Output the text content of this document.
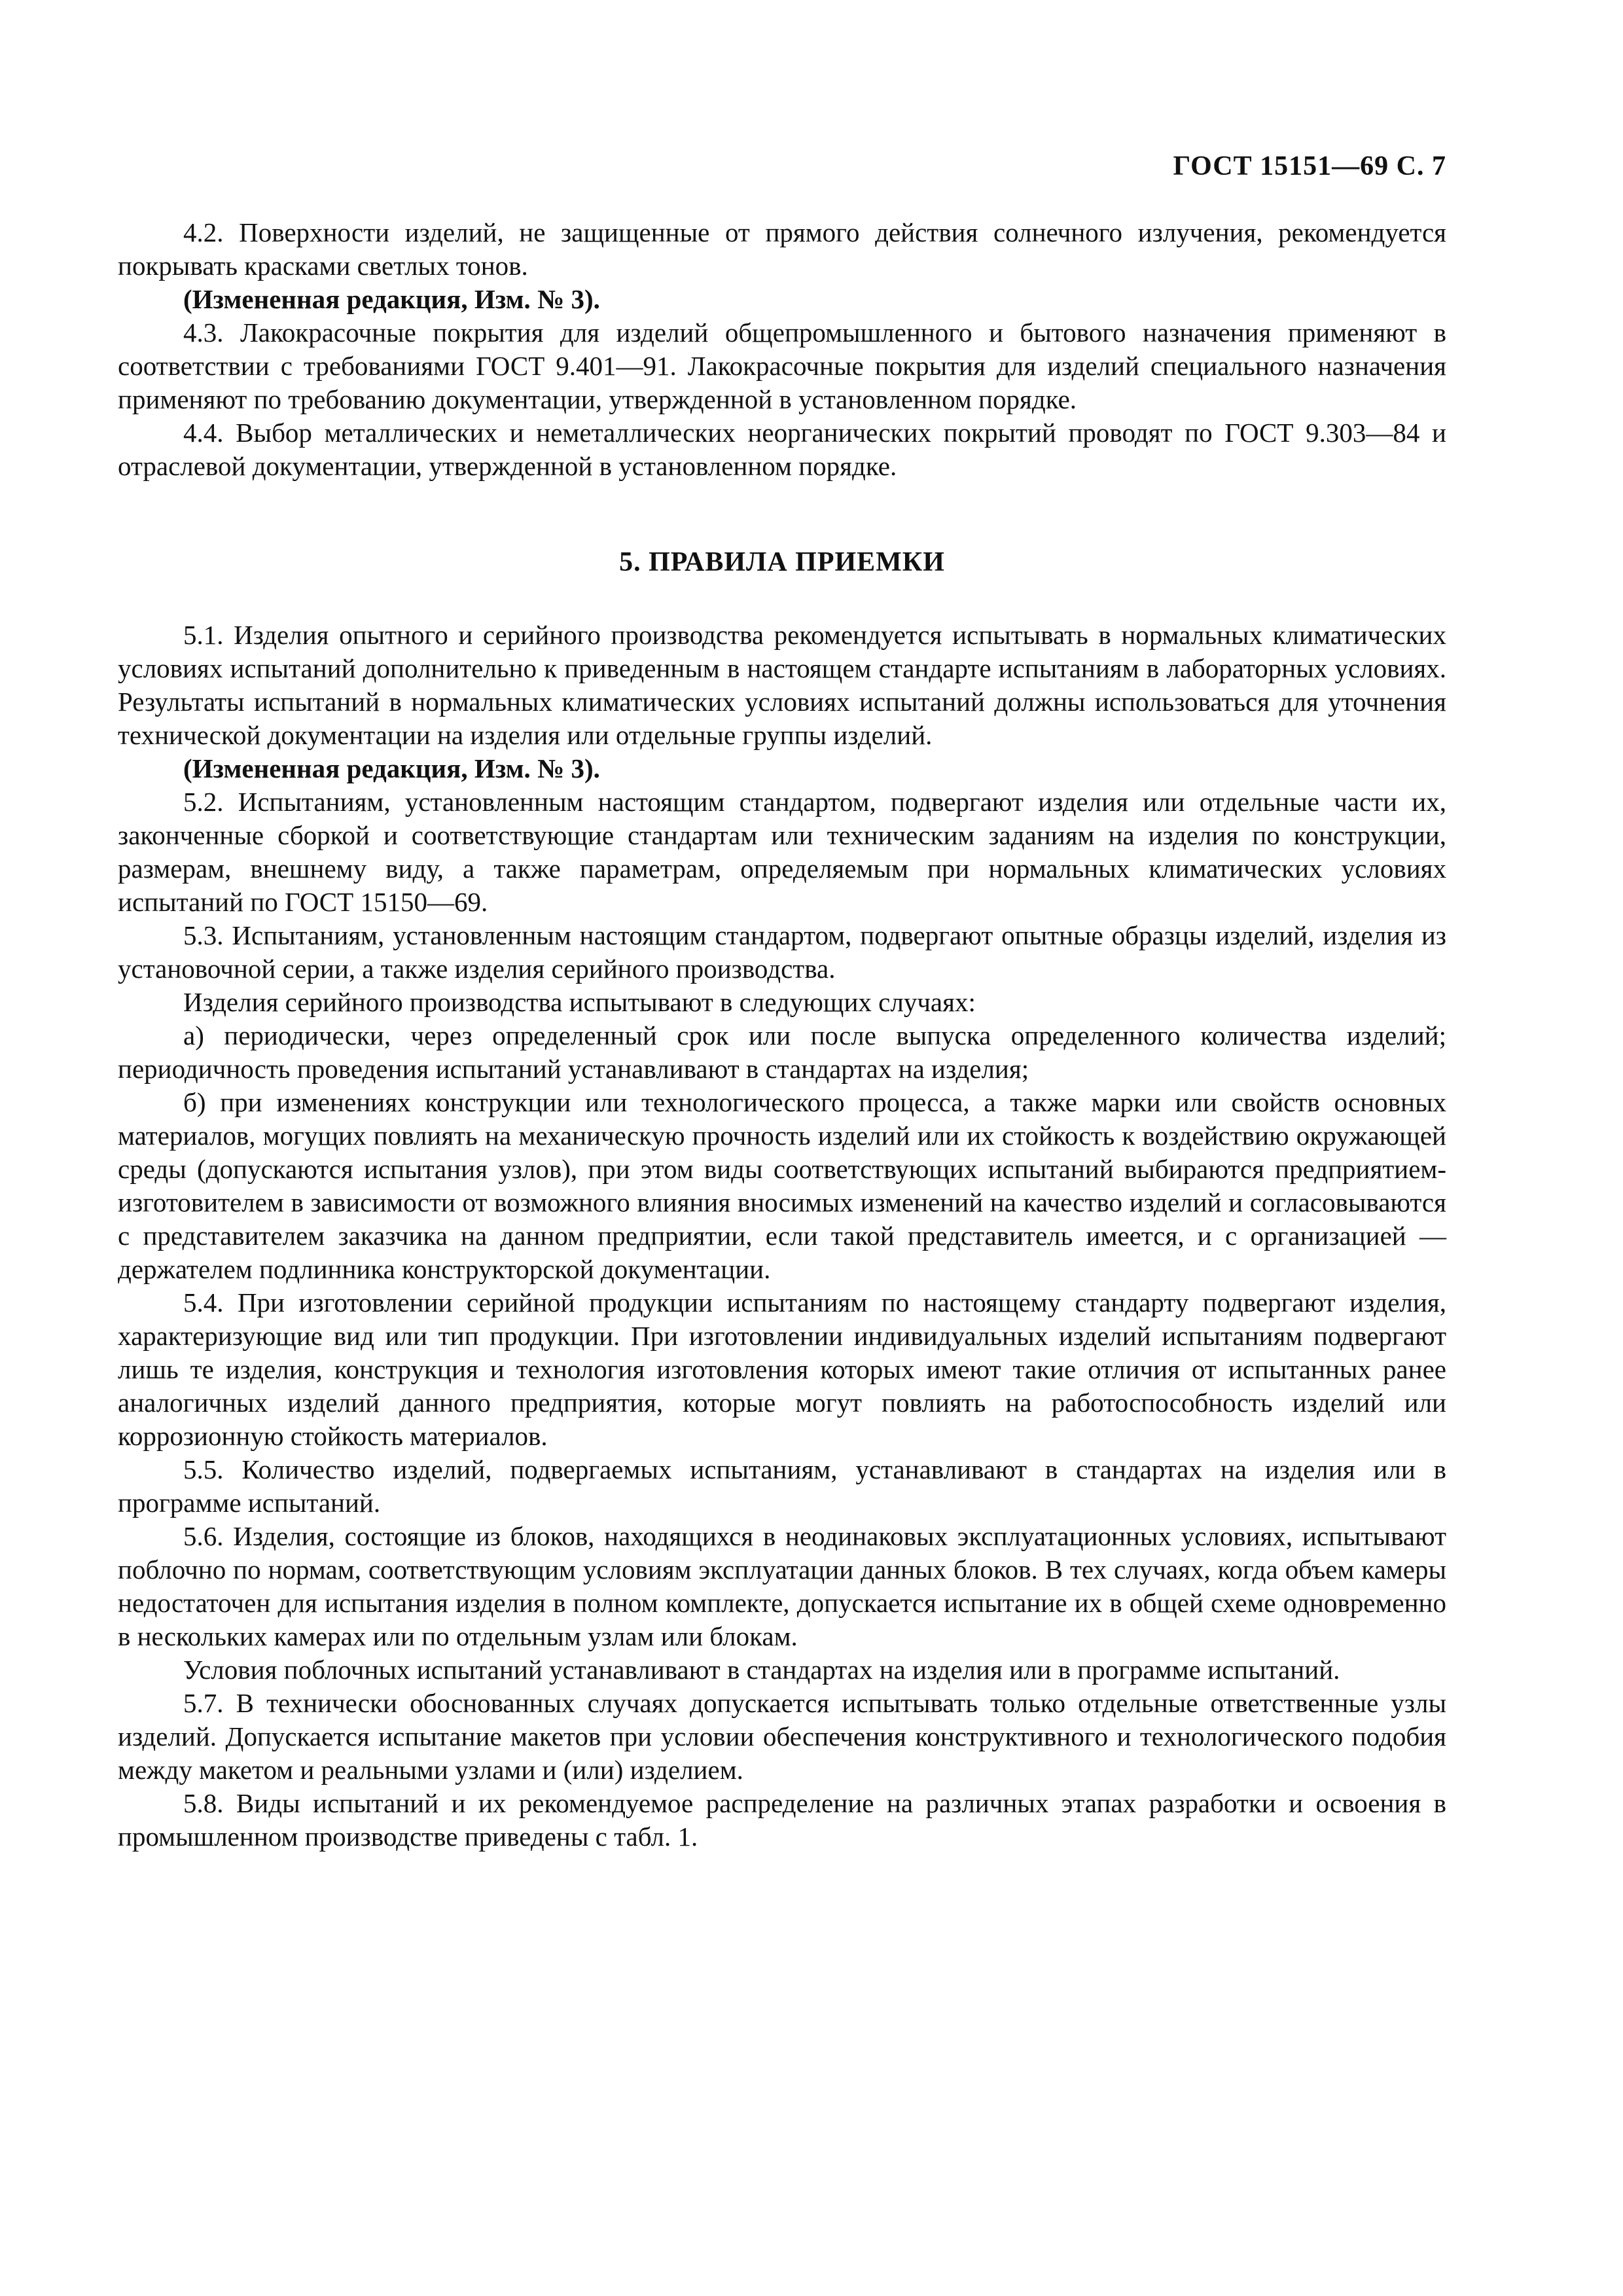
ГОСТ 15151—69 С. 7

4.2. Поверхности изделий, не защищенные от прямого действия солнечного излучения, рекомендуется покрывать красками светлых тонов.

(Измененная редакция, Изм. № 3).

4.3. Лакокрасочные покрытия для изделий общепромышленного и бытового назначения применяют в соответствии с требованиями ГОСТ 9.401—91. Лакокрасочные покрытия для изделий специального назначения применяют по требованию документации, утвержденной в установленном порядке.

4.4. Выбор металлических и неметаллических неорганических покрытий проводят по ГОСТ 9.303—84 и отраслевой документации, утвержденной в установленном порядке.

5. ПРАВИЛА ПРИЕМКИ

5.1. Изделия опытного и серийного производства рекомендуется испытывать в нормальных климатических условиях испытаний дополнительно к приведенным в настоящем стандарте испытаниям в лабораторных условиях. Результаты испытаний в нормальных климатических условиях испытаний должны использоваться для уточнения технической документации на изделия или отдельные группы изделий.

(Измененная редакция, Изм. № 3).

5.2. Испытаниям, установленным настоящим стандартом, подвергают изделия или отдельные части их, законченные сборкой и соответствующие стандартам или техническим заданиям на изделия по конструкции, размерам, внешнему виду, а также параметрам, определяемым при нормальных климатических условиях испытаний по ГОСТ 15150—69.

5.3. Испытаниям, установленным настоящим стандартом, подвергают опытные образцы изделий, изделия из установочной серии, а также изделия серийного производства.

Изделия серийного производства испытывают в следующих случаях:

а) периодически, через определенный срок или после выпуска определенного количества изделий; периодичность проведения испытаний устанавливают в стандартах на изделия;

б) при изменениях конструкции или технологического процесса, а также марки или свойств основных материалов, могущих повлиять на механическую прочность изделий или их стойкость к воздействию окружающей среды (допускаются испытания узлов), при этом виды соответствующих испытаний выбираются предприятием-изготовителем в зависимости от возможного влияния вносимых изменений на качество изделий и согласовываются с представителем заказчика на данном предприятии, если такой представитель имеется, и с организацией — держателем подлинника конструкторской документации.

5.4. При изготовлении серийной продукции испытаниям по настоящему стандарту подвергают изделия, характеризующие вид или тип продукции. При изготовлении индивидуальных изделий испытаниям подвергают лишь те изделия, конструкция и технология изготовления которых имеют такие отличия от испытанных ранее аналогичных изделий данного предприятия, которые могут повлиять на работоспособность изделий или коррозионную стойкость материалов.

5.5. Количество изделий, подвергаемых испытаниям, устанавливают в стандартах на изделия или в программе испытаний.

5.6. Изделия, состоящие из блоков, находящихся в неодинаковых эксплуатационных условиях, испытывают поблочно по нормам, соответствующим условиям эксплуатации данных блоков. В тех случаях, когда объем камеры недостаточен для испытания изделия в полном комплекте, допускается испытание их в общей схеме одновременно в нескольких камерах или по отдельным узлам или блокам.

Условия поблочных испытаний устанавливают в стандартах на изделия или в программе испытаний.

5.7. В технически обоснованных случаях допускается испытывать только отдельные ответственные узлы изделий. Допускается испытание макетов при условии обеспечения конструктивного и технологического подобия между макетом и реальными узлами и (или) изделием.

5.8. Виды испытаний и их рекомендуемое распределение на различных этапах разработки и освоения в промышленном производстве приведены с табл. 1.
